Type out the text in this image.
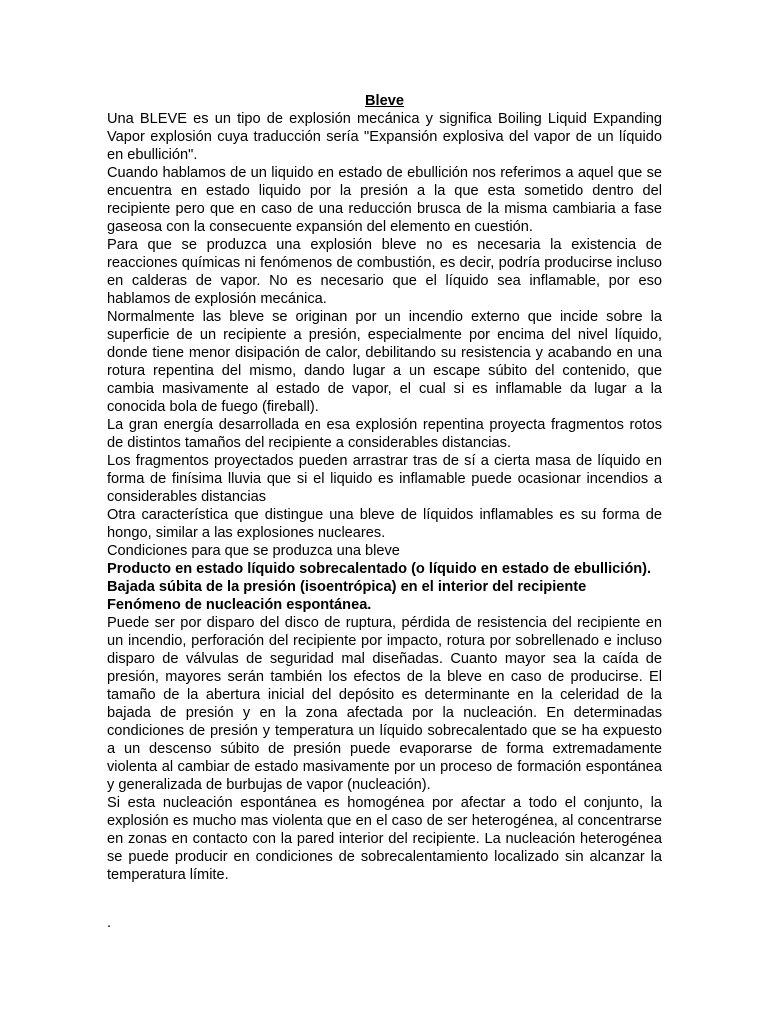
Bleve

Una BLEVE es un tipo de explosión mecánica y significa Boiling Liquid Expanding Vapor explosión cuya traducción sería "Expansión explosiva del vapor de un líquido en ebullición".

Cuando hablamos de un liquido en estado de ebullición nos referimos a aquel que se encuentra en estado liquido por la presión a la que esta sometido dentro del recipiente pero que en caso de una reducción brusca de la misma cambiaria a fase gaseosa con la consecuente expansión del elemento en cuestión.

Para que se produzca una explosión bleve no es necesaria la existencia de reacciones químicas ni fenómenos de combustión, es decir, podría producirse incluso en calderas de vapor. No es necesario que el líquido sea inflamable, por eso hablamos de explosión mecánica.

Normalmente las bleve se originan por un incendio externo que incide sobre la superficie de un recipiente a presión, especialmente por encima del nivel líquido, donde tiene menor disipación de calor, debilitando su resistencia y acabando en una rotura repentina del mismo, dando lugar a un escape súbito del contenido, que cambia masivamente al estado de vapor, el cual si es inflamable da lugar a la conocida bola de fuego (fireball).

La gran energía desarrollada en esa explosión repentina proyecta fragmentos rotos de distintos tamaños del recipiente a considerables distancias.

Los fragmentos proyectados pueden arrastrar tras de sí a cierta masa de líquido en forma de finísima lluvia que si el liquido es inflamable puede ocasionar incendios a considerables distancias

Otra característica que distingue una bleve de líquidos inflamables es su forma de hongo, similar a las explosiones nucleares.

Condiciones para que se produzca una bleve

Producto en estado líquido sobrecalentado (o líquido en estado de ebullición).

Bajada súbita de la presión (isoentrópica) en el interior del recipiente

Fenómeno de nucleación espontánea.

Puede ser por disparo del disco de ruptura, pérdida de resistencia del recipiente en un incendio, perforación del recipiente por impacto, rotura por sobrellenado e incluso disparo de válvulas de seguridad mal diseñadas. Cuanto mayor sea la caída de presión, mayores serán también los efectos de la bleve en caso de producirse. El tamaño de la abertura inicial del depósito es determinante en la celeridad de la bajada de presión y en la zona afectada por la nucleación. En determinadas condiciones de presión y temperatura un líquido sobrecalentado que se ha expuesto a un descenso súbito de presión puede evaporarse de forma extremadamente violenta al cambiar de estado masivamente por un proceso de formación espontánea y generalizada de burbujas de vapor (nucleación).

Si esta nucleación espontánea es homogénea por afectar a todo el conjunto, la explosión es mucho mas violenta que en el caso de ser heterogénea, al concentrarse en zonas en contacto con la pared interior del recipiente. La nucleación heterogénea se puede producir en condiciones de sobrecalentamiento localizado sin alcanzar la temperatura límite.

.
